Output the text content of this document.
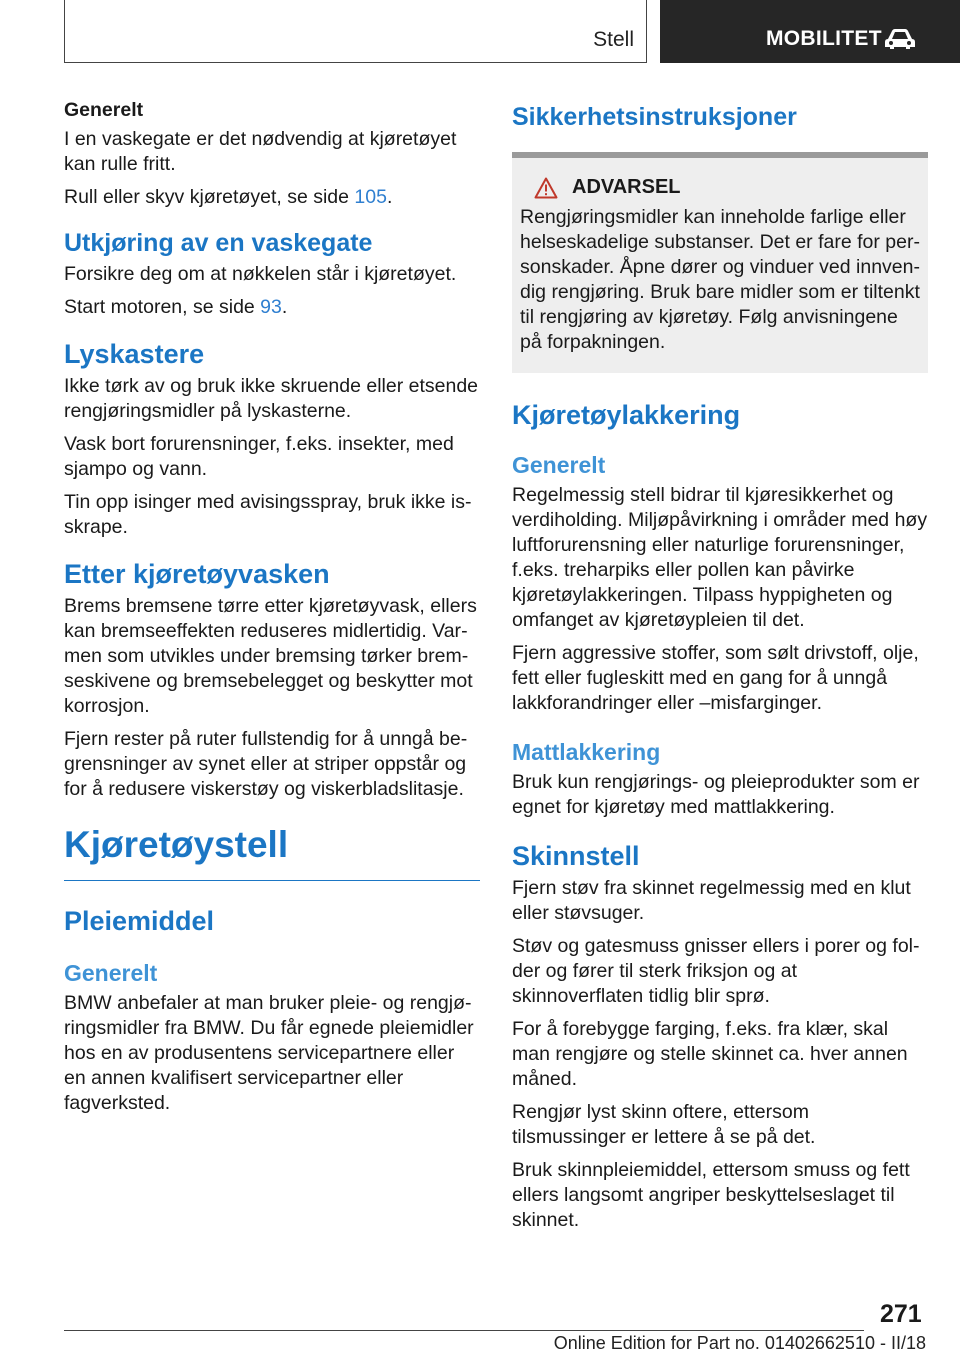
Stell	MOBILITET
Generelt

I en vaskegate er det nødvendig at kjøretøyet kan rulle fritt.

Rull eller skyv kjøretøyet, se side 105.

Utkjøring av en vaskegate

Forsikre deg om at nøkkelen står i kjøretøyet.

Start motoren, se side 93.

Lyskastere

Ikke tørk av og bruk ikke skruende eller etsende rengjøringsmidler på lyskasterne.

Vask bort forurensninger, f.eks. insekter, med sjampo og vann.

Tin opp isinger med avisingsspray, bruk ikke isskrape.

Etter kjøretøyvasken

Brems bremsene tørre etter kjøretøyvask, ellers kan bremseeffekten reduseres midlertidig. Varmen som utvikles under bremsing tørker bremseskivene og bremsebelegget og beskytter mot korrosjon.

Fjern rester på ruter fullstendig for å unngå begrensninger av synet eller at striper oppstår og for å redusere viskerstøy og viskerbladslitasje.

Kjøretøystell
Pleiemiddel
Generelt

BMW anbefaler at man bruker pleie- og rengjøringsmidler fra BMW. Du får egnede pleiemidler hos en av produsentens servicepartnere eller en annen kvalifisert servicepartner eller fagverksted.

Sikkerhetsinstruksjoner
ADVARSEL

Rengjøringsmidler kan inneholde farlige eller helseskadelige substanser. Det er fare for personskader. Åpne dører og vinduer ved innvendig rengjøring. Bruk bare midler som er tiltenkt til rengjøring av kjøretøy. Følg anvisningene på forpakningen.

Kjøretøylakkering
Generelt

Regelmessig stell bidrar til kjøresikkerhet og verdiholding. Miljøpåvirkning i områder med høy luftforurensning eller naturlige forurensninger, f.eks. treharpiks eller pollen kan påvirke kjøretøylakkeringen. Tilpass hyppigheten og omfanget av kjøretøypleien til det.

Fjern aggressive stoffer, som sølt drivstoff, olje, fett eller fugleskitt med en gang for å unngå lakkforandringer eller –misfarginger.

Mattlakkering

Bruk kun rengjørings- og pleieprodukter som er egnet for kjøretøy med mattlakkering.

Skinnstell

Fjern støv fra skinnet regelmessig med en klut eller støvsuger.

Støv og gatesmuss gnisser ellers i porer og folder og fører til sterk friksjon og at skinnoverflaten tidlig blir sprø.

For å forebygge farging, f.eks. fra klær, skal man rengjøre og stelle skinnet ca. hver annen måned.

Rengjør lyst skinn oftere, ettersom tilsmussinger er lettere å se på det.

Bruk skinnpleiemiddel, ettersom smuss og fett ellers langsomt angriper beskyttelseslaget til skinnet.

271
Online Edition for Part no. 01402662510 - II/18
